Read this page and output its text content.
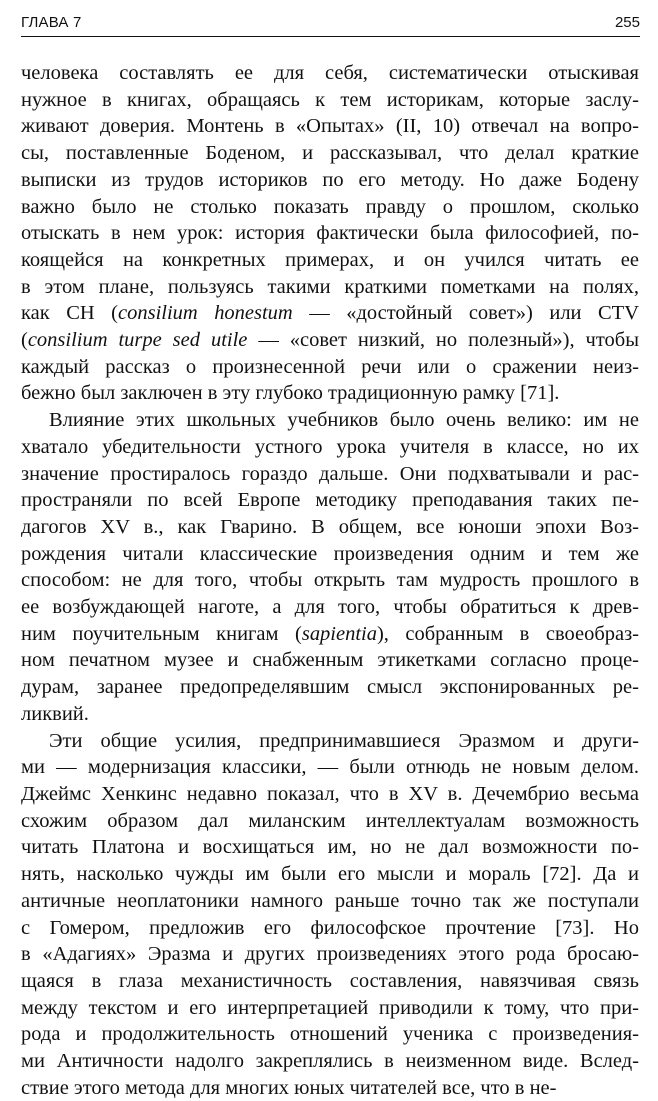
ГЛАВА 7	255
человека составлять ее для себя, систематически отыскивая
нужное в книгах, обращаясь к тем историкам, которые заслу-
живают доверия. Монтень в «Опытах» (II, 10) отвечал на вопро-
сы, поставленные Боденом, и рассказывал, что делал краткие
выписки из трудов историков по его методу. Но даже Бодену
важно было не столько показать правду о прошлом, сколько
отыскать в нем урок: история фактически была философией, по-
коящейся на конкретных примерах, и он учился читать ее
в этом плане, пользуясь такими краткими пометками на полях,
как CH (consilium honestum — «достойный совет») или CTV
(consilium turpe sed utile — «совет низкий, но полезный»), чтобы
каждый рассказ о произнесенной речи или о сражении неиз-
бежно был заключен в эту глубоко традиционную рамку [71].
Влияние этих школьных учебников было очень велико: им не
хватало убедительности устного урока учителя в классе, но их
значение простиралось гораздо дальше. Они подхватывали и рас-
пространяли по всей Европе методику преподавания таких пе-
дагогов XV в., как Гварино. В общем, все юноши эпохи Воз-
рождения читали классические произведения одним и тем же
способом: не для того, чтобы открыть там мудрость прошлого в
ее возбуждающей наготе, а для того, чтобы обратиться к древ-
ним поучительным книгам (sapientia), собранным в своеобраз-
ном печатном музее и снабженным этикетками согласно проце-
дурам, заранее предопределявшим смысл экспонированных ре-
ликвий.
Эти общие усилия, предпринимавшиеся Эразмом и други-
ми — модернизация классики, — были отнюдь не новым делом.
Джеймс Хенкинс недавно показал, что в XV в. Дечембрио весьма
схожим образом дал миланским интеллектуалам возможность
читать Платона и восхищаться им, но не дал возможности по-
нять, насколько чужды им были его мысли и мораль [72]. Да и
античные неоплатоники намного раньше точно так же поступали
с Гомером, предложив его философское прочтение [73]. Но
в «Адагиях» Эразма и других произведениях этого рода бросаю-
щаяся в глаза механистичность составления, навязчивая связь
между текстом и его интерпретацией приводили к тому, что при-
рода и продолжительность отношений ученика с произведения-
ми Античности надолго закреплялись в неизменном виде. Вслед-
ствие этого метода для многих юных читателей все, что в не-
